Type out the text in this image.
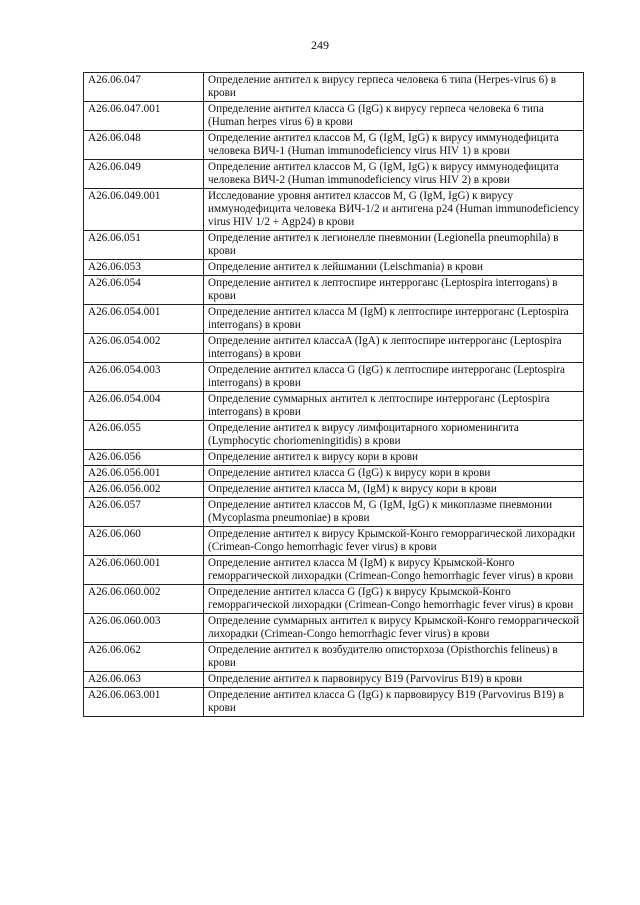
249
A26.06.047	Определение антител к вирусу герпеса человека 6 типа (Herpes-virus 6) в крови
A26.06.047.001	Определение антител класса G (IgG) к вирусу герпеса человека 6 типа (Human herpes virus 6) в крови
A26.06.048	Определение антител классов M, G (IgM, IgG) к вирусу иммунодефицита человека ВИЧ-1 (Human immunodeficiency virus HIV 1) в крови
A26.06.049	Определение антител классов M, G (IgM, IgG) к вирусу иммунодефицита человека ВИЧ-2 (Human immunodeficiency virus HIV 2) в крови
A26.06.049.001	Исследование уровня антител классов M, G (IgM, IgG) к вирусу иммунодефицита человека ВИЧ-1/2 и антигена p24 (Human immunodeficiency virus HIV 1/2 + Agp24) в крови
A26.06.051	Определение антител к легионелле пневмонии (Legionella pneumophila) в крови
A26.06.053	Определение антител к лейшмании (Leischmania) в крови
A26.06.054	Определение антител к лептоспире интерроганс (Leptospira interrogans) в крови
A26.06.054.001	Определение антител класса M (IgM) к лептоспире интерроганс (Leptospira interrogans) в крови
A26.06.054.002	Определение антител классаA (IgA) к лептоспире интерроганс (Leptospira interrogans) в крови
A26.06.054.003	Определение антител класса G (IgG) к лептоспире интерроганс (Leptospira interrogans) в крови
A26.06.054.004	Определение суммарных антител к лептоспире интерроганс (Leptospira interrogans) в крови
A26.06.055	Определение антител к вирусу лимфоцитарного хориоменингита (Lymphocytic choriomeningitidis) в крови
A26.06.056	Определение антител к вирусу кори в крови
A26.06.056.001	Определение антител класса G (IgG) к вирусу кори в крови
A26.06.056.002	Определение антител класса M, (IgM) к вирусу кори в крови
A26.06.057	Определение антител классов M, G (IgM, IgG) к микоплазме пневмонии (Mycoplasma pneumoniae) в крови
A26.06.060	Определение антител к вирусу Крымской-Конго геморрагической лихорадки (Crimean-Congo hemorrhagic fever virus) в крови
A26.06.060.001	Определение антител класса M (IgM) к вирусу Крымской-Конго геморрагической лихорадки (Crimean-Congo hemorrhagic fever virus) в крови
A26.06.060.002	Определение антител класса G (IgG) к вирусу Крымской-Конго геморрагической лихорадки (Crimean-Congo hemorrhagic fever virus) в крови
A26.06.060.003	Определение суммарных антител к вирусу Крымской-Конго геморрагической лихорадки (Crimean-Congo hemorrhagic fever virus) в крови
A26.06.062	Определение антител к возбудителю описторхоза (Opisthorchis felineus) в крови
A26.06.063	Определение антител к парвовирусу B19 (Parvovirus B19) в крови
A26.06.063.001	Определение антител класса G (IgG) к парвовирусу B19 (Parvovirus B19) в крови
